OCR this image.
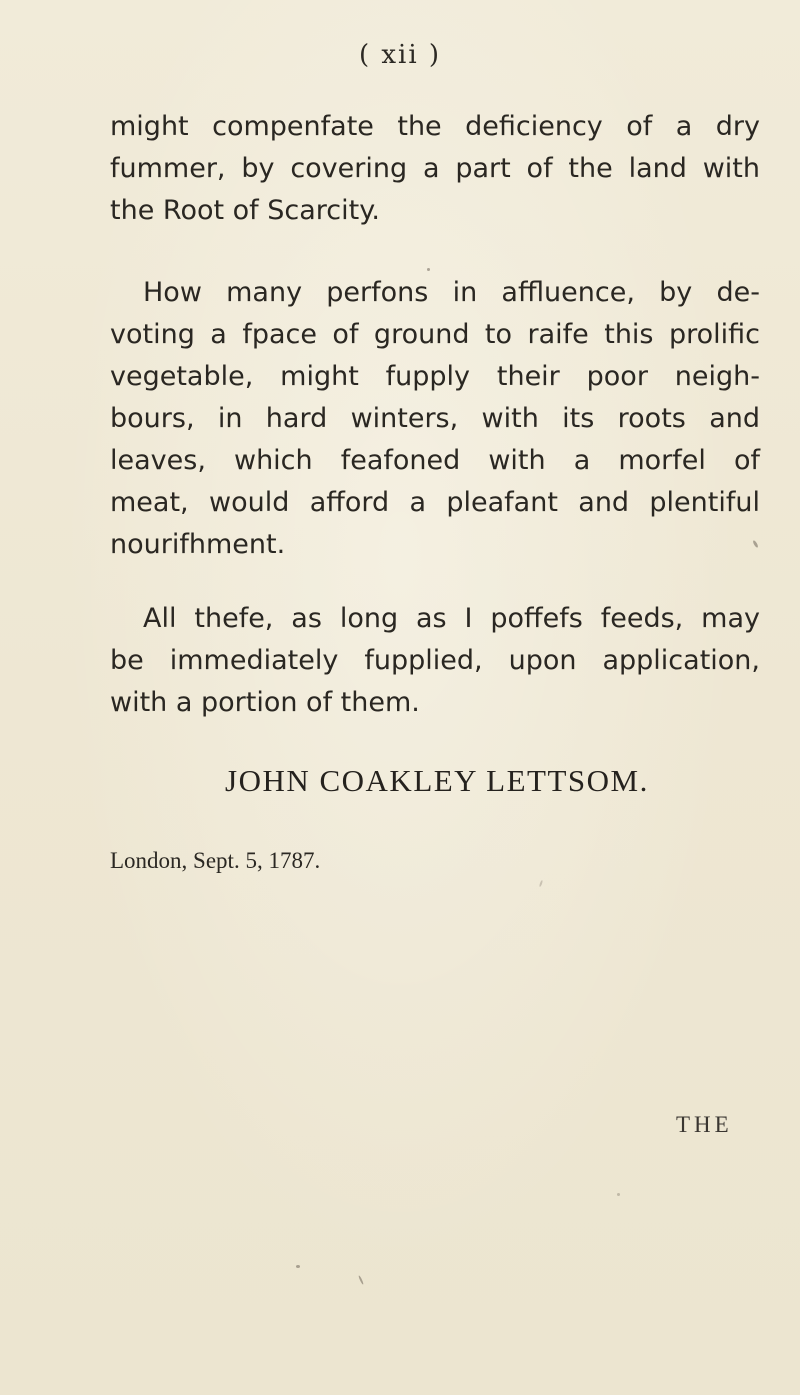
( xii )

might compenfate the deficiency of a dry
fummer, by covering a part of the land with
the Root of Scarcity.

How many perfons in affluence, by de-
voting a fpace of ground to raife this prolific
vegetable, might fupply their poor neigh-
bours, in hard winters, with its roots and
leaves, which feafoned with a morfel of
meat, would afford a pleafant and plentiful
nourifhment.

All thefe, as long as I poffefs feeds, may
be immediately fupplied, upon application,
with a portion of them.

JOHN COAKLEY LETTSOM.
London, Sept. 5, 1787.
THE
